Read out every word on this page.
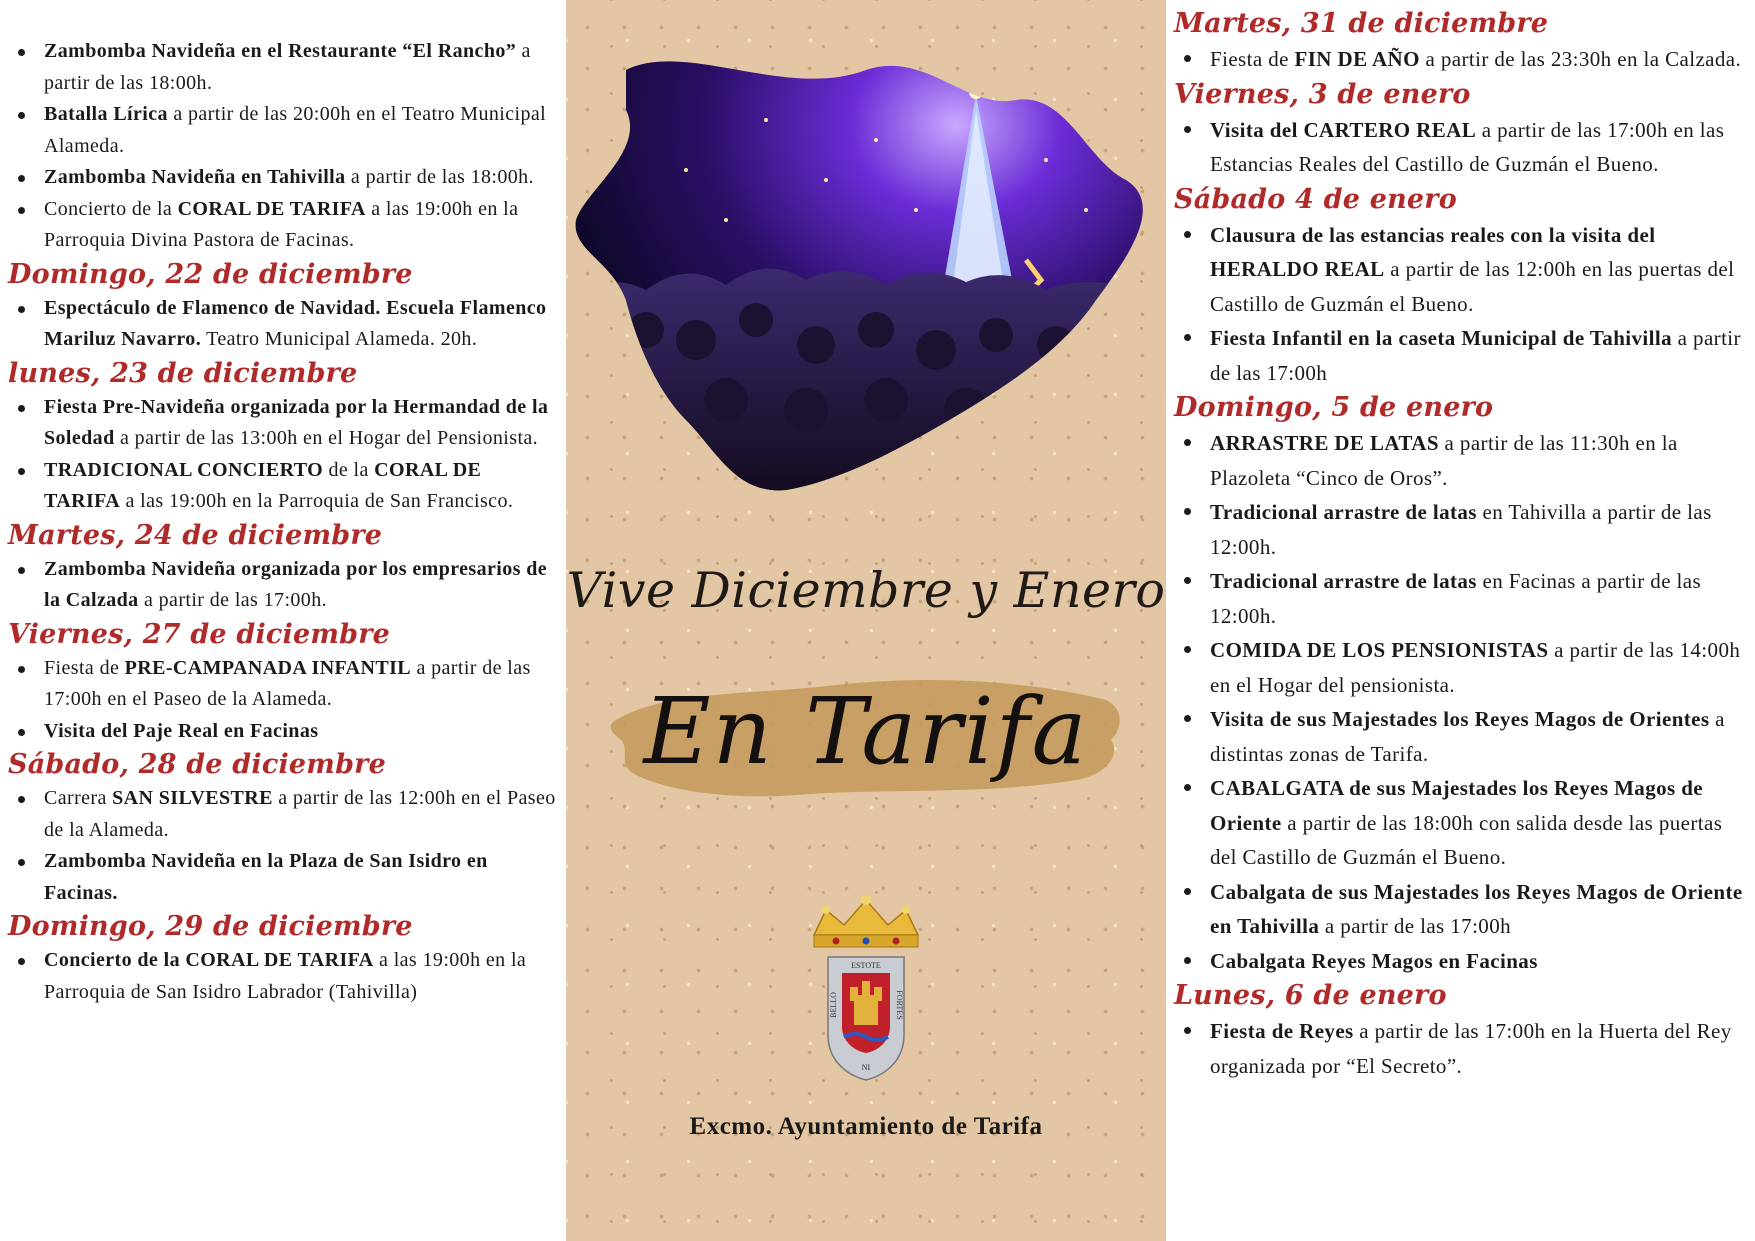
Zambomba Navideña en el Restaurante “El Rancho” a partir de las 18:00h.
Batalla Lírica a partir de las 20:00h en el Teatro Municipal Alameda.
Zambomba Navideña en Tahivilla a partir de las 18:00h.
Concierto de la CORAL DE TARIFA a las 19:00h en la Parroquia Divina Pastora de Facinas.
Domingo, 22 de diciembre
Espectáculo de Flamenco de Navidad. Escuela Flamenco Mariluz Navarro. Teatro Municipal Alameda. 20h.
lunes, 23 de diciembre
Fiesta Pre-Navideña organizada por la Hermandad de la Soledad a partir de las 13:00h en el Hogar del Pensionista.
TRADICIONAL CONCIERTO de la CORAL DE TARIFA a las 19:00h en la Parroquia de San Francisco.
Martes, 24 de diciembre
Zambomba Navideña organizada por los empresarios de la Calzada a partir de las 17:00h.
Viernes, 27 de diciembre
Fiesta de PRE-CAMPANADA INFANTIL a partir de las 17:00h en el Paseo de la Alameda.
Visita del Paje Real en Facinas
Sábado, 28 de diciembre
Carrera SAN SILVESTRE a partir de las 12:00h en el Paseo de la Alameda.
Zambomba Navideña en la Plaza de San Isidro en Facinas.
Domingo, 29 de diciembre
Concierto de la CORAL DE TARIFA a las 19:00h en la Parroquia de San Isidro Labrador (Tahivilla)
Vive Diciembre y Enero
En Tarifa
ESTOTE
BELLO	FORTES
NI
Excmo. Ayuntamiento de Tarifa
Martes, 31 de diciembre
Fiesta de FIN DE AÑO a partir de las 23:30h en la Calzada.
Viernes, 3 de enero
Visita del CARTERO REAL a partir de las 17:00h en las Estancias Reales del Castillo de Guzmán el Bueno.
Sábado 4 de enero
Clausura de las estancias reales con la visita del HERALDO REAL a partir de las 12:00h en las puertas del Castillo de Guzmán el Bueno.
Fiesta Infantil en la caseta Municipal de Tahivilla a partir de las 17:00h
Domingo, 5 de enero
ARRASTRE DE LATAS a partir de las 11:30h en la Plazoleta “Cinco de Oros”.
Tradicional arrastre de latas en Tahivilla a partir de las 12:00h.
Tradicional arrastre de latas en Facinas a partir de las 12:00h.
COMIDA DE LOS PENSIONISTAS a partir de las 14:00h en el Hogar del pensionista.
Visita de sus Majestades los Reyes Magos de Orientes a distintas zonas de Tarifa.
CABALGATA de sus Majestades los Reyes Magos de Oriente a partir de las 18:00h con salida desde las puertas del Castillo de Guzmán el Bueno.
Cabalgata de sus Majestades los Reyes Magos de Oriente en Tahivilla a partir de las 17:00h
Cabalgata Reyes Magos en Facinas
Lunes, 6 de enero
Fiesta de Reyes a partir de las 17:00h en la Huerta del Rey organizada por “El Secreto”.
